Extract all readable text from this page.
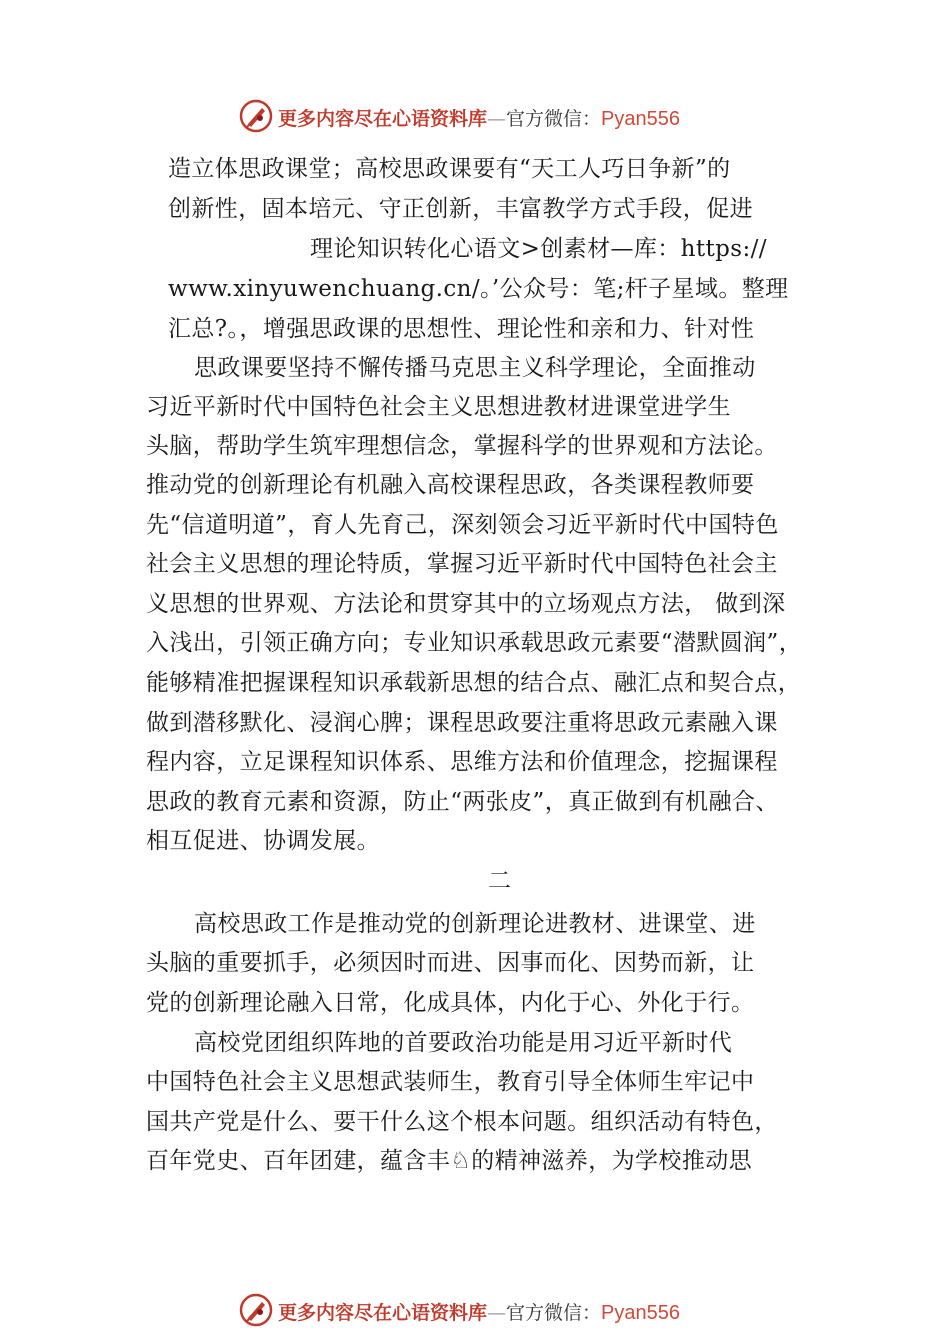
更多内容尽在心语资料库—官方微信：Pyan556
造立体思政课堂；高校思政课要有“天工人巧日争新”的
创新性，固本培元、守正创新，丰富教学方式手段，促进
理论知识转化心语文>创素材—库：https://
www.xinyuwenchuang.cn/。’公众号：笔;杆子星域。整理
汇总?。，增强思政课的思想性、理论性和亲和力、针对性
思政课要坚持不懈传播马克思主义科学理论，全面推动
习近平新时代中国特色社会主义思想进教材进课堂进学生
头脑，帮助学生筑牢理想信念，掌握科学的世界观和方法论。
推动党的创新理论有机融入高校课程思政，各类课程教师要
先“信道明道”，育人先育己，深刻领会习近平新时代中国特色
社会主义思想的理论特质，掌握习近平新时代中国特色社会主
义思想的世界观、方法论和贯穿其中的立场观点方法， 做到深
入浅出，引领正确方向；专业知识承载思政元素要“潜默圆润”，
能够精准把握课程知识承载新思想的结合点、融汇点和契合点，
做到潜移默化、浸润心脾；课程思政要注重将思政元素融入课
程内容，立足课程知识体系、思维方法和价值理念，挖掘课程
思政的教育元素和资源，防止“两张皮”，真正做到有机融合、
相互促进、协调发展。
二
高校思政工作是推动党的创新理论进教材、进课堂、进
头脑的重要抓手，必须因时而进、因事而化、因势而新，让
党的创新理论融入日常，化成具体，内化于心、外化于行。
高校党团组织阵地的首要政治功能是用习近平新时代
中国特色社会主义思想武装师生，教育引导全体师生牢记中
国共产党是什么、要干什么这个根本问题。组织活动有特色，
百年党史、百年团建，蕴含丰♘的精神滋养，为学校推动思
更多内容尽在心语资料库—官方微信：Pyan556
